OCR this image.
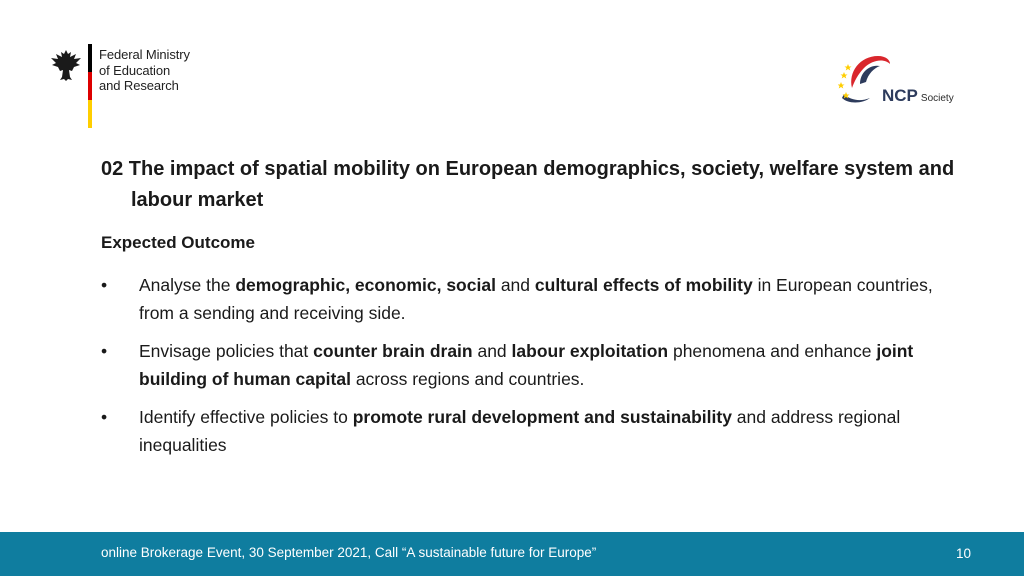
Federal Ministry
of Education
and Research
NCP Society
02 The impact of spatial mobility on European demographics, society, welfare system and labour market
Expected Outcome
• Analyse the demographic, economic, social and cultural effects of mobility in European countries, from a sending and receiving side.
• Envisage policies that counter brain drain and labour exploitation phenomena and enhance joint building of human capital across regions and countries.
• Identify effective policies to promote rural development and sustainability and address regional inequalities
online Brokerage Event, 30 September 2021, Call “A sustainable future for Europe”	10
